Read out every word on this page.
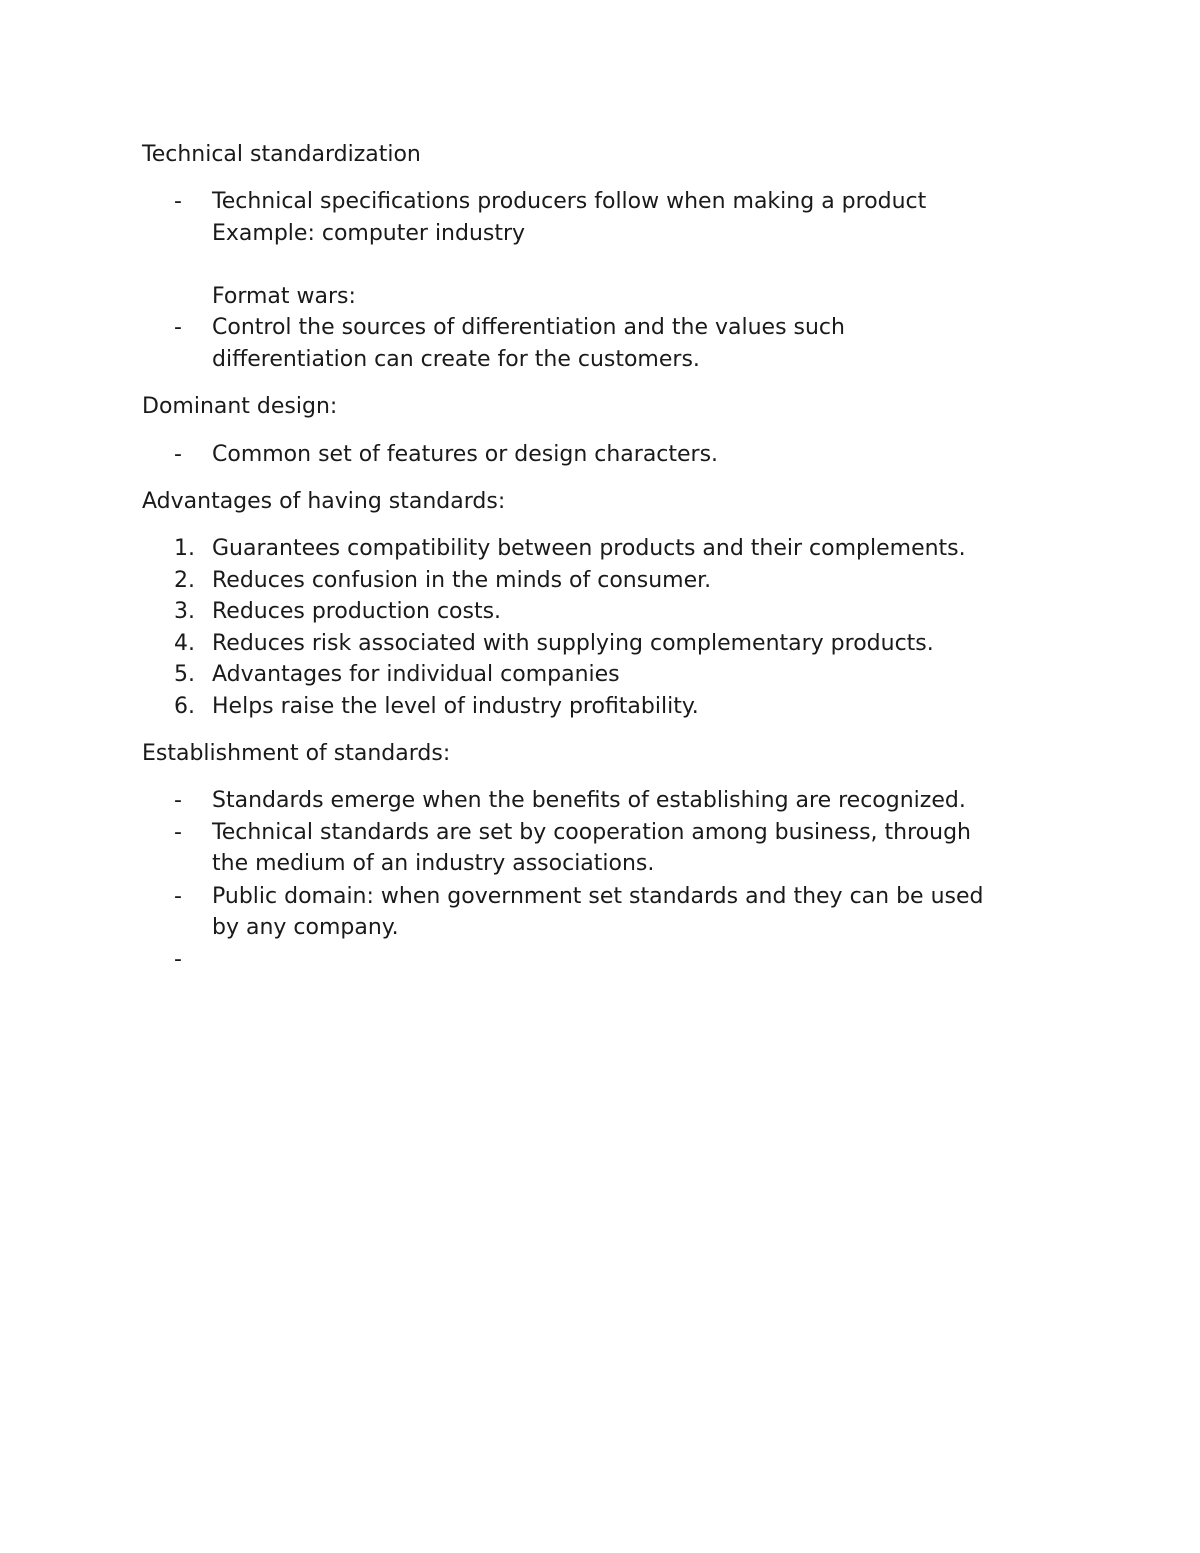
Technical standardization
- Technical specifications producers follow when making a product
Example: computer industry
Format wars:
- Control the sources of differentiation and the values such
differentiation can create for the customers.
Dominant design:
- Common set of features or design characters.
Advantages of having standards:
1. Guarantees compatibility between products and their complements.
2. Reduces confusion in the minds of consumer.
3. Reduces production costs.
4. Reduces risk associated with supplying complementary products.
5. Advantages for individual companies
6. Helps raise the level of industry profitability.
Establishment of standards:
- Standards emerge when the benefits of establishing are recognized.
- Technical standards are set by cooperation among business, through
the medium of an industry associations.
- Public domain: when government set standards and they can be used
by any company.
-
